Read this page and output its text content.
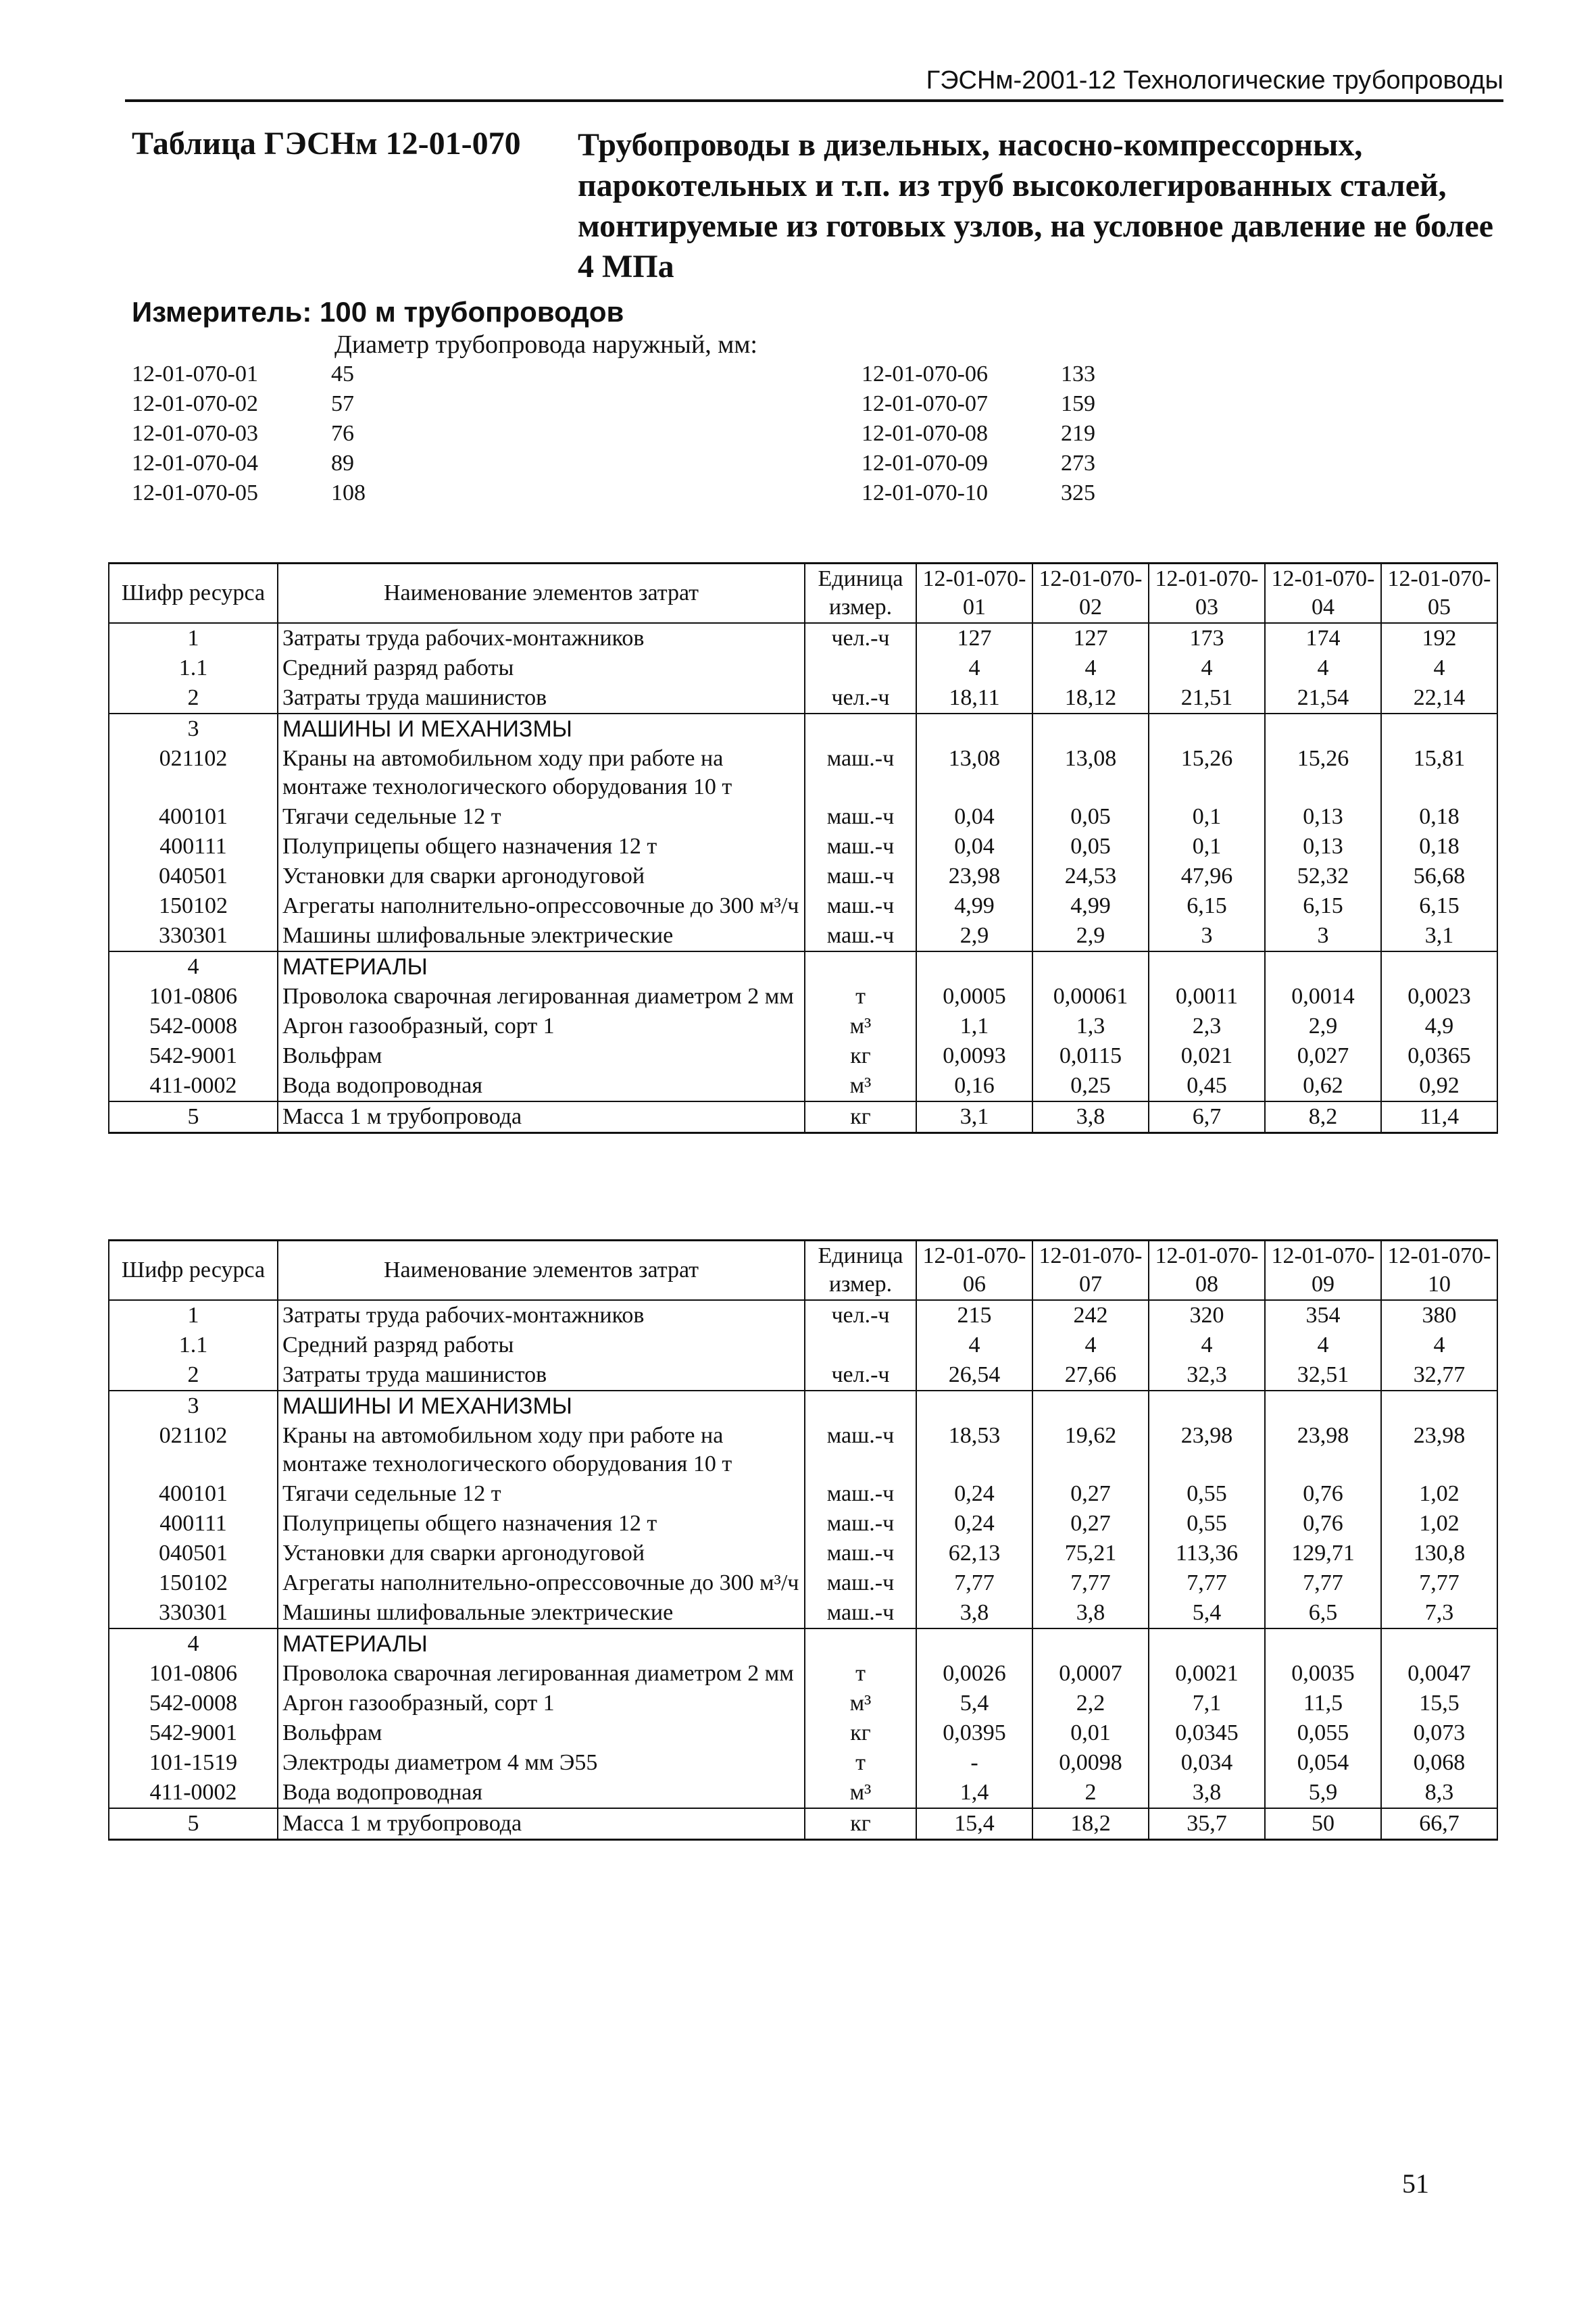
ГЭСНм-2001-12 Технологические трубопроводы
Таблица ГЭСНм 12-01-070 Трубопроводы в дизельных, насосно-компрессорных, парокотельных и т.п. из труб высоколегированных сталей, монтируемые из готовых узлов, на условное давление не более 4 МПа
Измеритель: 100 м трубопроводов
Диаметр трубопровода наружный, мм:
12-01-070-01	45
12-01-070-02	57
12-01-070-03	76
12-01-070-04	89
12-01-070-05	108
12-01-070-06	133
12-01-070-07	159
12-01-070-08	219
12-01-070-09	273
12-01-070-10	325
Шифр ресурса	Наименование элементов затрат	Единица измер.	12-01-070-01	12-01-070-02	12-01-070-03	12-01-070-04	12-01-070-05
1	Затраты труда рабочих-монтажников	чел.-ч	127	127	173	174	192
1.1	Средний разряд работы		4	4	4	4	4
2	Затраты труда машинистов	чел.-ч	18,11	18,12	21,51	21,54	22,14
3	МАШИНЫ И МЕХАНИЗМЫ						
021102	Краны на автомобильном ходу при работе на монтаже технологического оборудования 10 т	маш.-ч	13,08	13,08	15,26	15,26	15,81
400101	Тягачи седельные 12 т	маш.-ч	0,04	0,05	0,1	0,13	0,18
400111	Полуприцепы общего назначения 12 т	маш.-ч	0,04	0,05	0,1	0,13	0,18
040501	Установки для сварки аргонодуговой	маш.-ч	23,98	24,53	47,96	52,32	56,68
150102	Агрегаты наполнительно-опрессовочные до 300 м³/ч	маш.-ч	4,99	4,99	6,15	6,15	6,15
330301	Машины шлифовальные электрические	маш.-ч	2,9	2,9	3	3	3,1
4	МАТЕРИАЛЫ						
101-0806	Проволока сварочная легированная диаметром 2 мм	т	0,0005	0,00061	0,0011	0,0014	0,0023
542-0008	Аргон газообразный, сорт 1	м³	1,1	1,3	2,3	2,9	4,9
542-9001	Вольфрам	кг	0,0093	0,0115	0,021	0,027	0,0365
411-0002	Вода водопроводная	м³	0,16	0,25	0,45	0,62	0,92
5	Масса 1 м трубопровода	кг	3,1	3,8	6,7	8,2	11,4
Шифр ресурса	Наименование элементов затрат	Единица измер.	12-01-070-06	12-01-070-07	12-01-070-08	12-01-070-09	12-01-070-10
1	Затраты труда рабочих-монтажников	чел.-ч	215	242	320	354	380
1.1	Средний разряд работы		4	4	4	4	4
2	Затраты труда машинистов	чел.-ч	26,54	27,66	32,3	32,51	32,77
3	МАШИНЫ И МЕХАНИЗМЫ						
021102	Краны на автомобильном ходу при работе на монтаже технологического оборудования 10 т	маш.-ч	18,53	19,62	23,98	23,98	23,98
400101	Тягачи седельные 12 т	маш.-ч	0,24	0,27	0,55	0,76	1,02
400111	Полуприцепы общего назначения 12 т	маш.-ч	0,24	0,27	0,55	0,76	1,02
040501	Установки для сварки аргонодуговой	маш.-ч	62,13	75,21	113,36	129,71	130,8
150102	Агрегаты наполнительно-опрессовочные до 300 м³/ч	маш.-ч	7,77	7,77	7,77	7,77	7,77
330301	Машины шлифовальные электрические	маш.-ч	3,8	3,8	5,4	6,5	7,3
4	МАТЕРИАЛЫ						
101-0806	Проволока сварочная легированная диаметром 2 мм	т	0,0026	0,0007	0,0021	0,0035	0,0047
542-0008	Аргон газообразный, сорт 1	м³	5,4	2,2	7,1	11,5	15,5
542-9001	Вольфрам	кг	0,0395	0,01	0,0345	0,055	0,073
101-1519	Электроды диаметром 4 мм Э55	т	-	0,0098	0,034	0,054	0,068
411-0002	Вода водопроводная	м³	1,4	2	3,8	5,9	8,3
5	Масса 1 м трубопровода	кг	15,4	18,2	35,7	50	66,7
51
